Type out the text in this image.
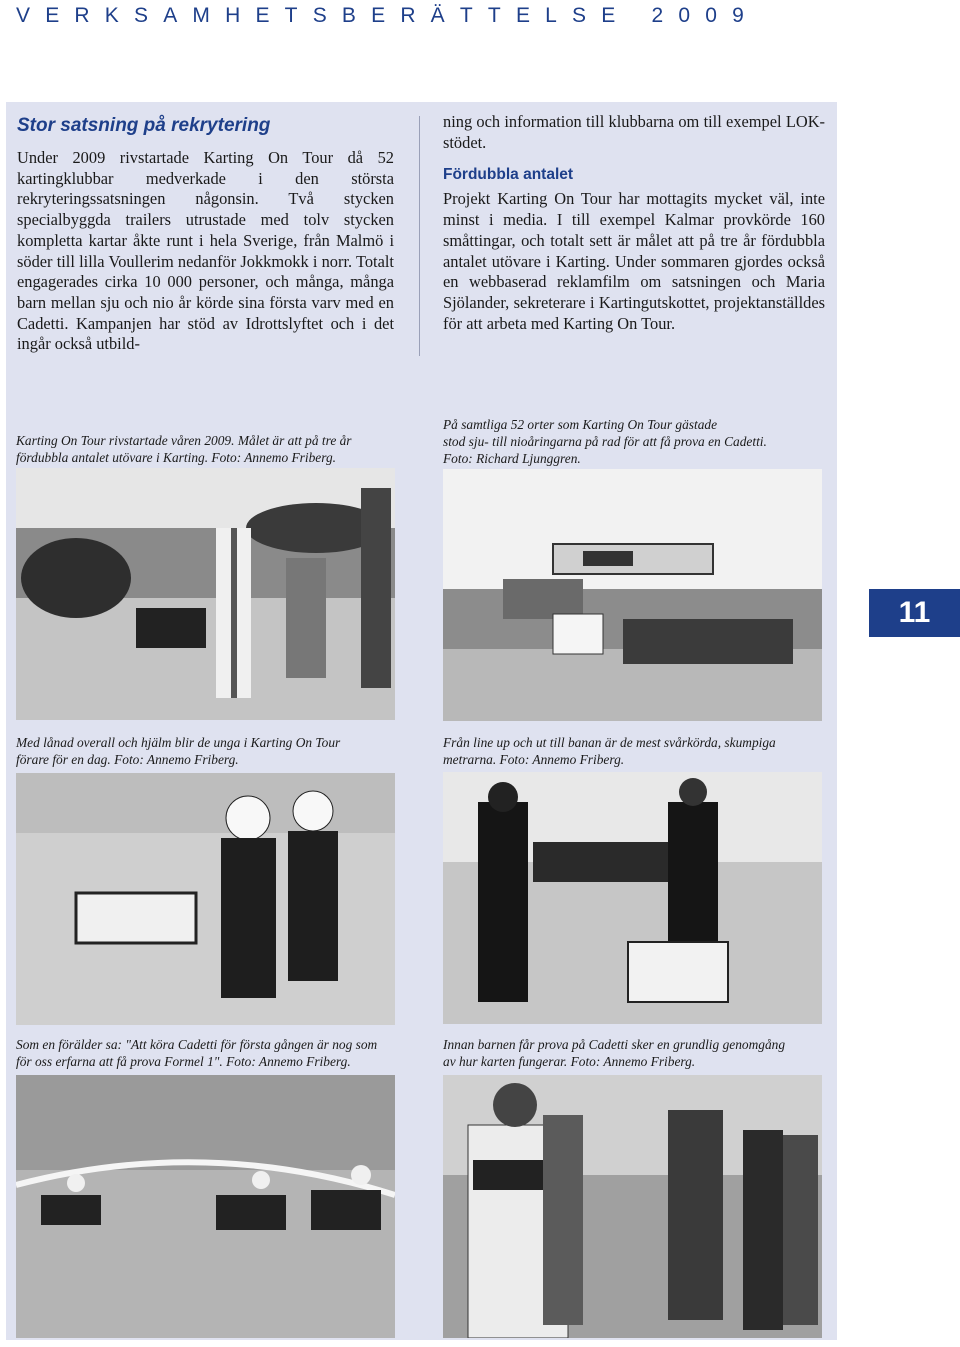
VERKSAMHETSBERÄTTELSE 2009
Stor satsning på rekrytering

Under 2009 rivstartade Karting On Tour då 52 kartingklubbar medverkade i den största rekryteringssatsningen någonsin. Två stycken specialbyggda trailers utrustade med tolv stycken kompletta kartar åkte runt i hela Sverige, från Malmö i söder till lilla Voullerim nedanför Jokkmokk i norr. Totalt engagerades cirka 10 000 personer, och många, många barn mellan sju och nio år körde sina första varv med en Cadetti. Kampanjen har stöd av Idrottslyftet och i det ingår också utbild-

ning och information till klubbarna om till exempel LOK-stödet.

Fördubbla antalet

Projekt Karting On Tour har mottagits mycket väl, inte minst i media. I till exempel Kalmar provkörde 160 småttingar, och totalt sett är målet att på tre år fördubbla antalet utövare i Karting. Under sommaren gjordes också en webbaserad reklamfilm om satsningen och Maria Sjölander, sekreterare i Kartingutskottet, projektanställdes för att arbeta med Karting On Tour.

Karting On Tour rivstartade våren 2009. Målet är att på tre år
fördubbla antalet utövare i Karting. Foto: Annemo Friberg.
På samtliga 52 orter som Karting On Tour gästade
stod sju- till nioåringarna på rad för att få prova en Cadetti.
Foto: Richard Ljunggren.
11
Med lånad overall och hjälm blir de unga i Karting On Tour
förare för en dag. Foto: Annemo Friberg.
Från line up och ut till banan är de mest svårkörda, skumpiga
metrarna. Foto: Annemo Friberg.
Som en förälder sa: "Att köra Cadetti för första gången är nog som
för oss erfarna att få prova Formel 1". Foto: Annemo Friberg.
Innan barnen får prova på Cadetti sker en grundlig genomgång
av hur karten fungerar. Foto: Annemo Friberg.
